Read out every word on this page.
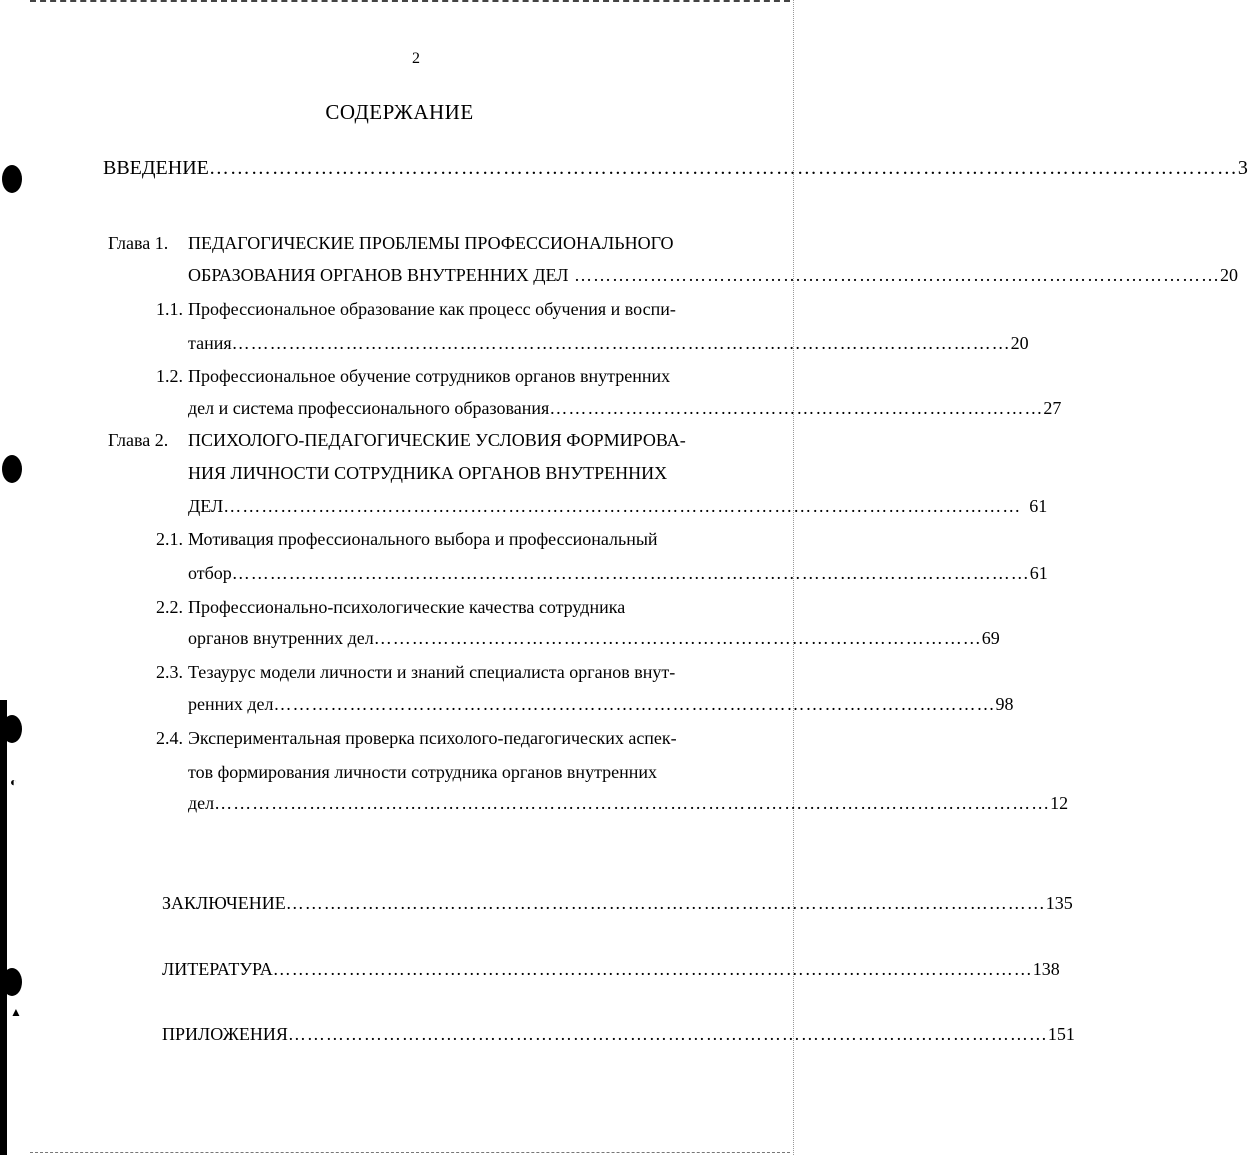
◐
▲
2
СОДЕРЖАНИЕ
ВВЕДЕНИЕ ………………………………………………………………………………………………………………………………… 3
Глава 1. ПЕДАГОГИЧЕСКИЕ ПРОБЛЕМЫ ПРОФЕССИОНАЛЬНОГО
ОБРАЗОВАНИЯ ОРГАНОВ ВНУТРЕННИХ ДЕЛ ………………………………………………………………………………………… 20
1.1. Профессиональное образование как процесс обучения и воспи-
тания …………………………………………………………………………………………………………… 20
1.2. Профессиональное обучение сотрудников органов внутренних
дел и система профессионального образования …………………………………………………………………… 27
Глава 2. ПСИХОЛОГО-ПЕДАГОГИЧЕСКИЕ УСЛОВИЯ ФОРМИРОВА-
НИЯ ЛИЧНОСТИ СОТРУДНИКА ОРГАНОВ ВНУТРЕННИХ
ДЕЛ ……………………………………………………………………………………………………………… 61
2.1. Мотивация профессионального выбора и профессиональный
отбор ……………………………………………………………………………………………………………… 61
2.2. Профессионально-психологические качества сотрудника
органов внутренних дел …………………………………………………………………………………… 69
2.3. Тезаурус модели личности и знаний специалиста органов внут-
ренних дел …………………………………………………………………………………………………… 98
2.4. Экспериментальная проверка психолого-педагогических аспек-
тов формирования личности сотрудника органов внутренних
дел …………………………………………………………………………………………………………………… 12
ЗАКЛЮЧЕНИЕ ………………………………………………………………………………………………………… 135
ЛИТЕРАТУРА ………………………………………………………………………………………………………… 138
ПРИЛОЖЕНИЯ ………………………………………………………………………………………………………… 151
